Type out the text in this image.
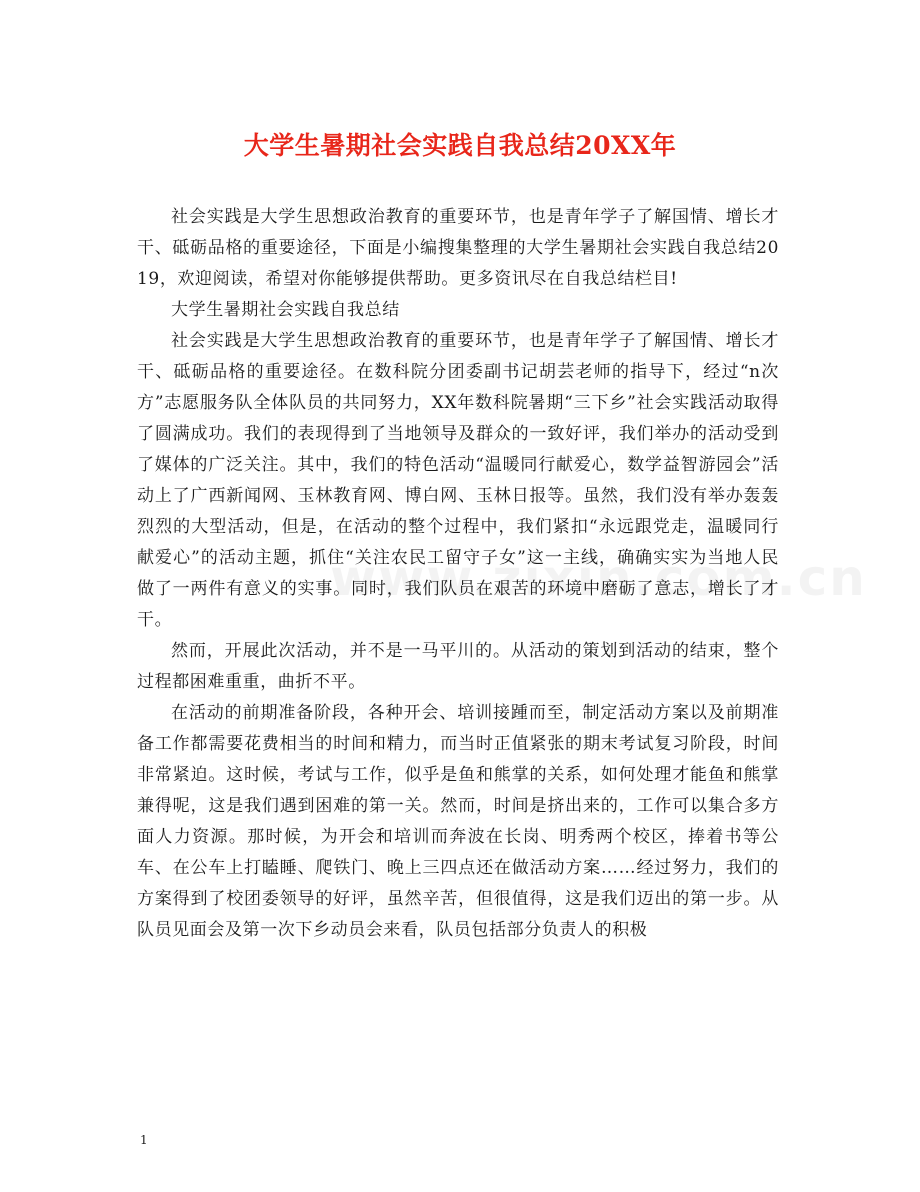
大学生暑期社会实践自我总结20XX年

社会实践是大学生思想政治教育的重要环节，也是青年学子了解国情、增长才干、砥砺品格的重要途径，下面是小编搜集整理的大学生暑期社会实践自我总结2019，欢迎阅读，希望对你能够提供帮助。更多资讯尽在自我总结栏目!

大学生暑期社会实践自我总结

社会实践是大学生思想政治教育的重要环节，也是青年学子了解国情、增长才干、砥砺品格的重要途径。在数科院分团委副书记胡芸老师的指导下，经过“n次方”志愿服务队全体队员的共同努力，XX年数科院暑期“三下乡”社会实践活动取得了圆满成功。我们的表现得到了当地领导及群众的一致好评，我们举办的活动受到了媒体的广泛关注。其中，我们的特色活动“温暖同行献爱心，数学益智游园会”活动上了广西新闻网、玉林教育网、博白网、玉林日报等。虽然，我们没有举办轰轰烈烈的大型活动，但是，在活动的整个过程中，我们紧扣“永远跟党走，温暖同行献爱心”的活动主题，抓住“关注农民工留守子女”这一主线，确确实实为当地人民做了一两件有意义的实事。同时，我们队员在艰苦的环境中磨砺了意志，增长了才干。

然而，开展此次活动，并不是一马平川的。从活动的策划到活动的结束，整个过程都困难重重，曲折不平。

在活动的前期准备阶段，各种开会、培训接踵而至，制定活动方案以及前期准备工作都需要花费相当的时间和精力，而当时正值紧张的期末考试复习阶段，时间非常紧迫。这时候，考试与工作，似乎是鱼和熊掌的关系，如何处理才能鱼和熊掌兼得呢，这是我们遇到困难的第一关。然而，时间是挤出来的，工作可以集合多方面人力资源。那时候，为开会和培训而奔波在长岗、明秀两个校区，捧着书等公车、在公车上打瞌睡、爬铁门、晚上三四点还在做活动方案……经过努力，我们的方案得到了校团委领导的好评，虽然辛苦，但很值得，这是我们迈出的第一步。从队员见面会及第一次下乡动员会来看，队员包括部分负责人的积极

1
